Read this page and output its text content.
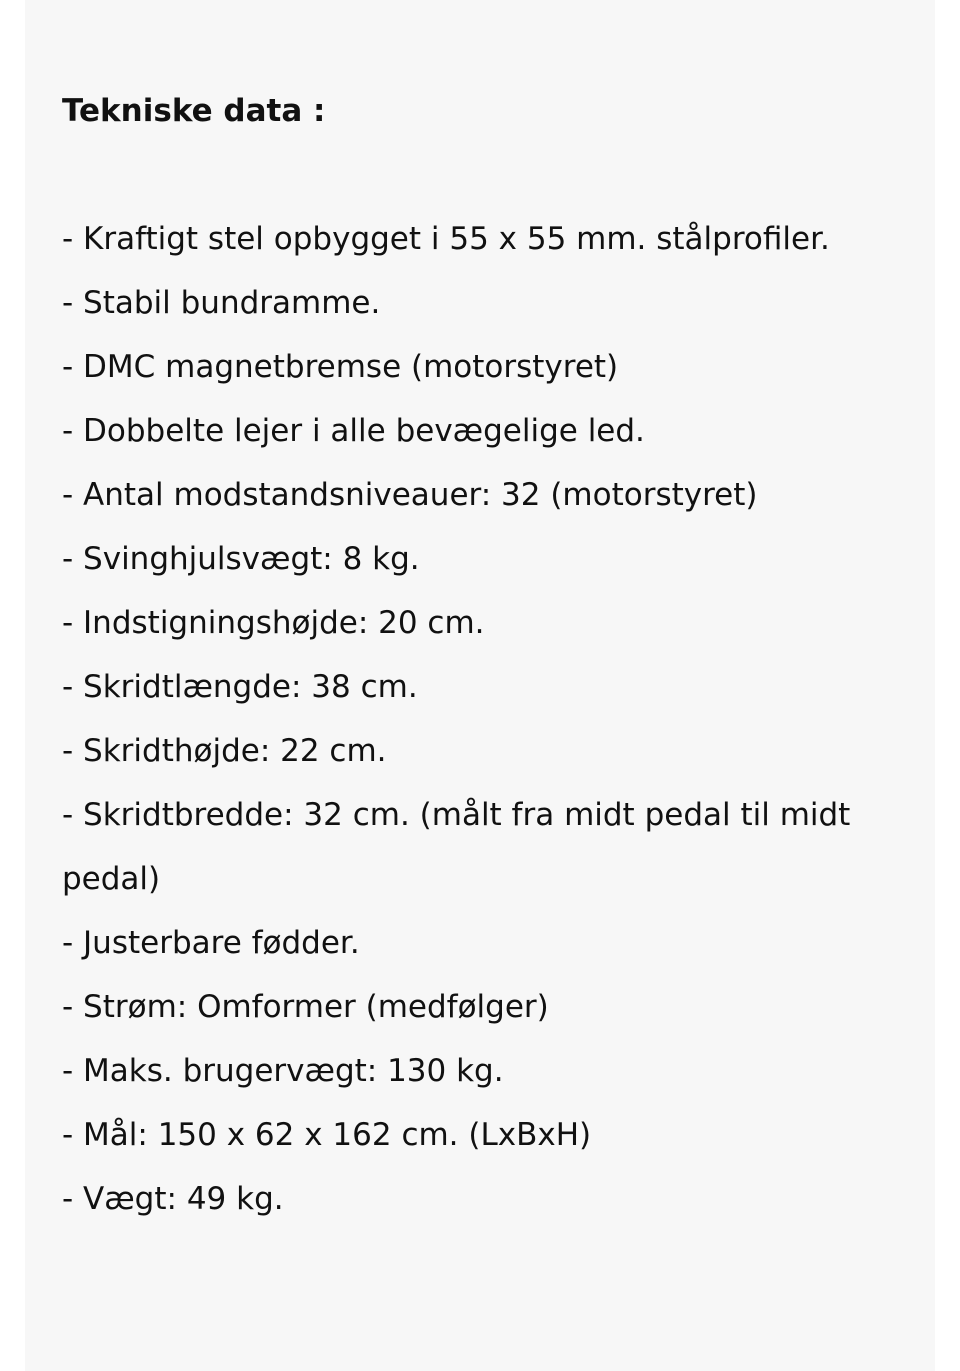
Tekniske data :
- Kraftigt stel opbygget i 55 x 55 mm. stålprofiler.
- Stabil bundramme.
- DMC magnetbremse (motorstyret)
- Dobbelte lejer i alle bevægelige led.
- Antal modstandsniveauer: 32 (motorstyret)
- Svinghjulsvægt: 8 kg.
- Indstigningshøjde: 20 cm.
- Skridtlængde: 38 cm.
- Skridthøjde: 22 cm.
- Skridtbredde: 32 cm. (målt fra midt pedal til midt pedal)
- Justerbare fødder.
- Strøm: Omformer (medfølger)
- Maks. brugervægt: 130 kg.
- Mål: 150 x 62 x 162 cm. (LxBxH)
- Vægt: 49 kg.
